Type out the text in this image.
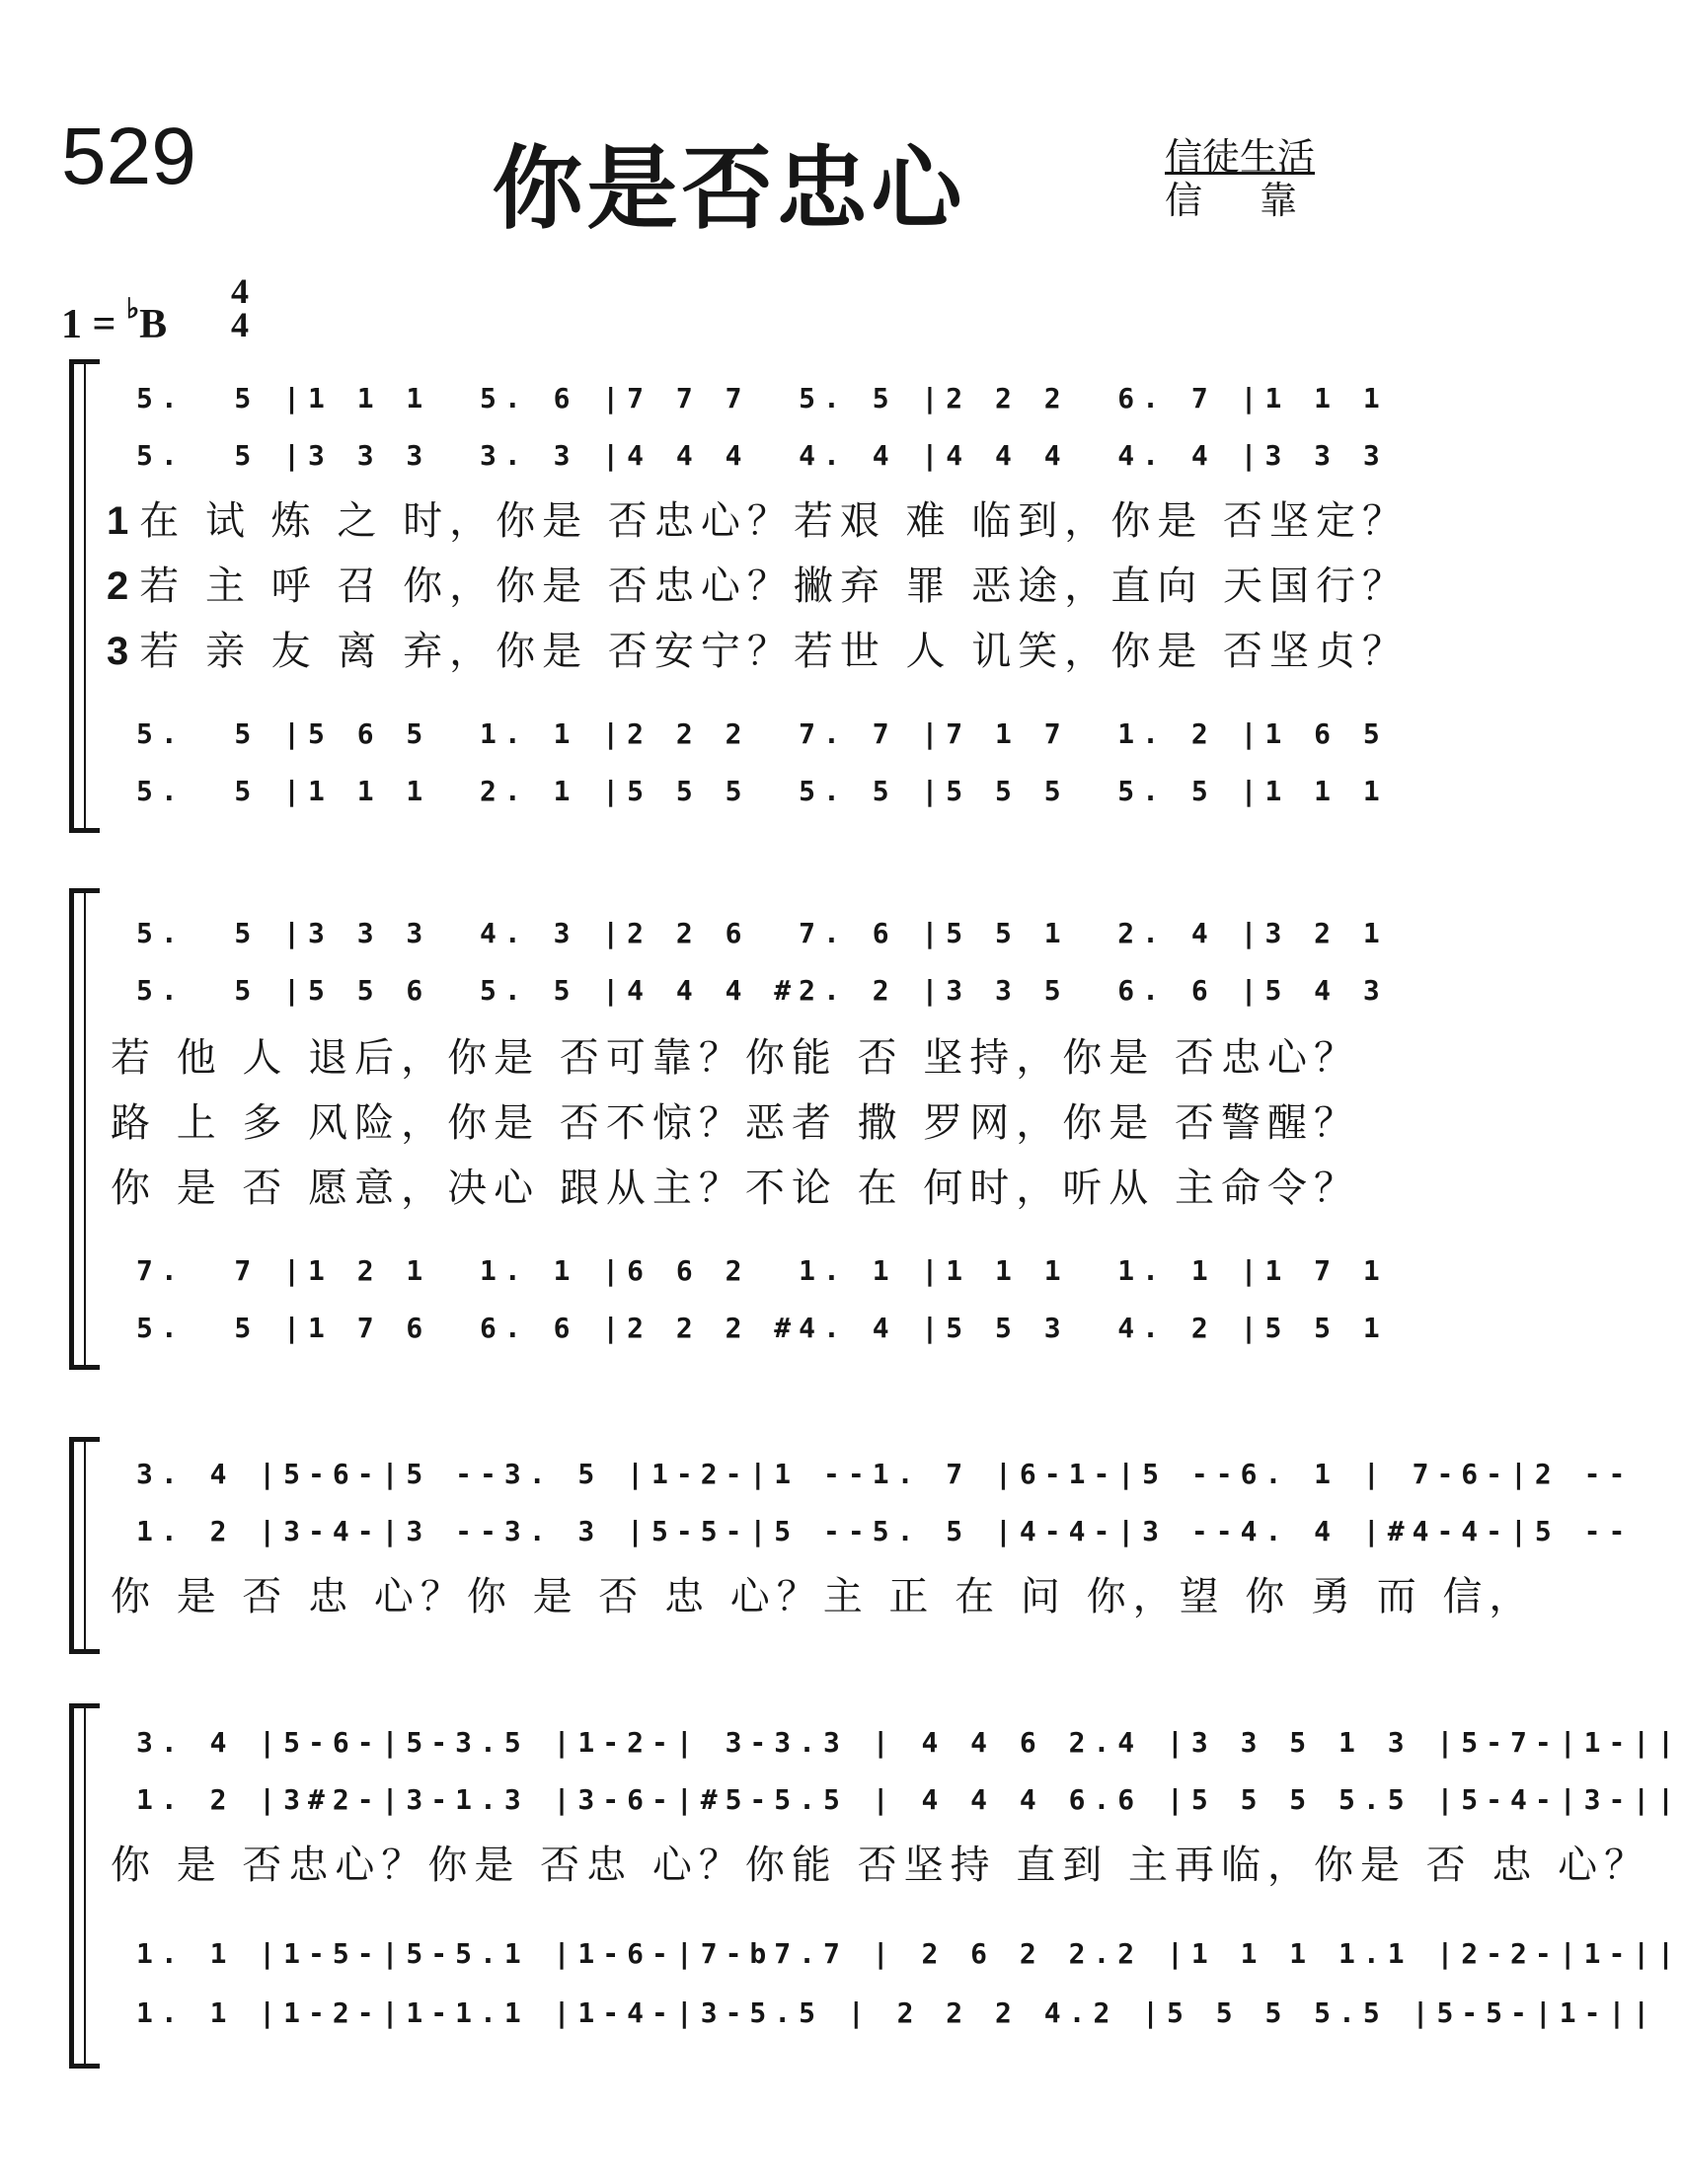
529	你是否忠心	信徒生活
信靠
1 = ♭B
4
4
5.  5 |1 1 1  5. 6 |7 7 7  5. 5 |2 2 2  6. 7 |1 1 1
5.  5 |3 3 3  3. 3 |4 4 4  4. 4 |4 4 4  4. 4 |3 3 3
1 在 试 炼 之 时，你是 否忠心？若艰 难 临到，你是 否坚定？
2 若 主 呼 召 你，你是 否忠心？撇弃 罪 恶途，直向 天国行？
3 若 亲 友 离 弃，你是 否安宁？若世 人 讥笑，你是 否坚贞？
5.  5 |5 6 5  1. 1 |2 2 2  7. 7 |7 1 7  1. 2 |1 6 5
5.  5 |1 1 1  2. 1 |5 5 5  5. 5 |5 5 5  5. 5 |1 1 1
5.  5 |3 3 3  4. 3 |2 2 6  7. 6 |5 5 1  2. 4 |3 2 1
5.  5 |5 5 6  5. 5 |4 4 4 #2. 2 |3 3 5  6. 6 |5 4 3
若 他 人 退后，你是 否可靠？你能 否 坚持，你是 否忠心？
路 上 多 风险，你是 否不惊？恶者 撒 罗网，你是 否警醒？
你 是 否 愿意，决心 跟从主？不论 在 何时，听从 主命令？
7.  7 |1 2 1  1. 1 |6 6 2  1. 1 |1 1 1  1. 1 |1 7 1
5.  5 |1 7 6  6. 6 |2 2 2 #4. 4 |5 5 3  4. 2 |5 5 1
3. 4 |5-6-|5 --3. 5 |1-2-|1 --1. 7 |6-1-|5 --6. 1 | 7-6-|2 --
1. 2 |3-4-|3 --3. 3 |5-5-|5 --5. 5 |4-4-|3 --4. 4 |#4-4-|5 --
你 是 否 忠 心？你 是 否 忠 心？主 正 在 问 你，望 你 勇 而 信，
3. 4 |5-6-|5-3.5 |1-2-| 3-3.3 | 4 4 6 2.4 |3 3 5 1 3 |5-7-|1-||
1. 2 |3#2-|3-1.3 |3-6-|#5-5.5 | 4 4 4 6.6 |5 5 5 5.5 |5-4-|3-||
你 是 否忠心？你是 否忠 心？你能 否坚持 直到 主再临，你是 否 忠 心？
1. 1 |1-5-|5-5.1 |1-6-|7-b7.7 | 2 6 2 2.2 |1 1 1 1.1 |2-2-|1-||
1. 1 |1-2-|1-1.1 |1-4-|3-5.5 | 2 2 2 4.2 |5 5 5 5.5 |5-5-|1-||
